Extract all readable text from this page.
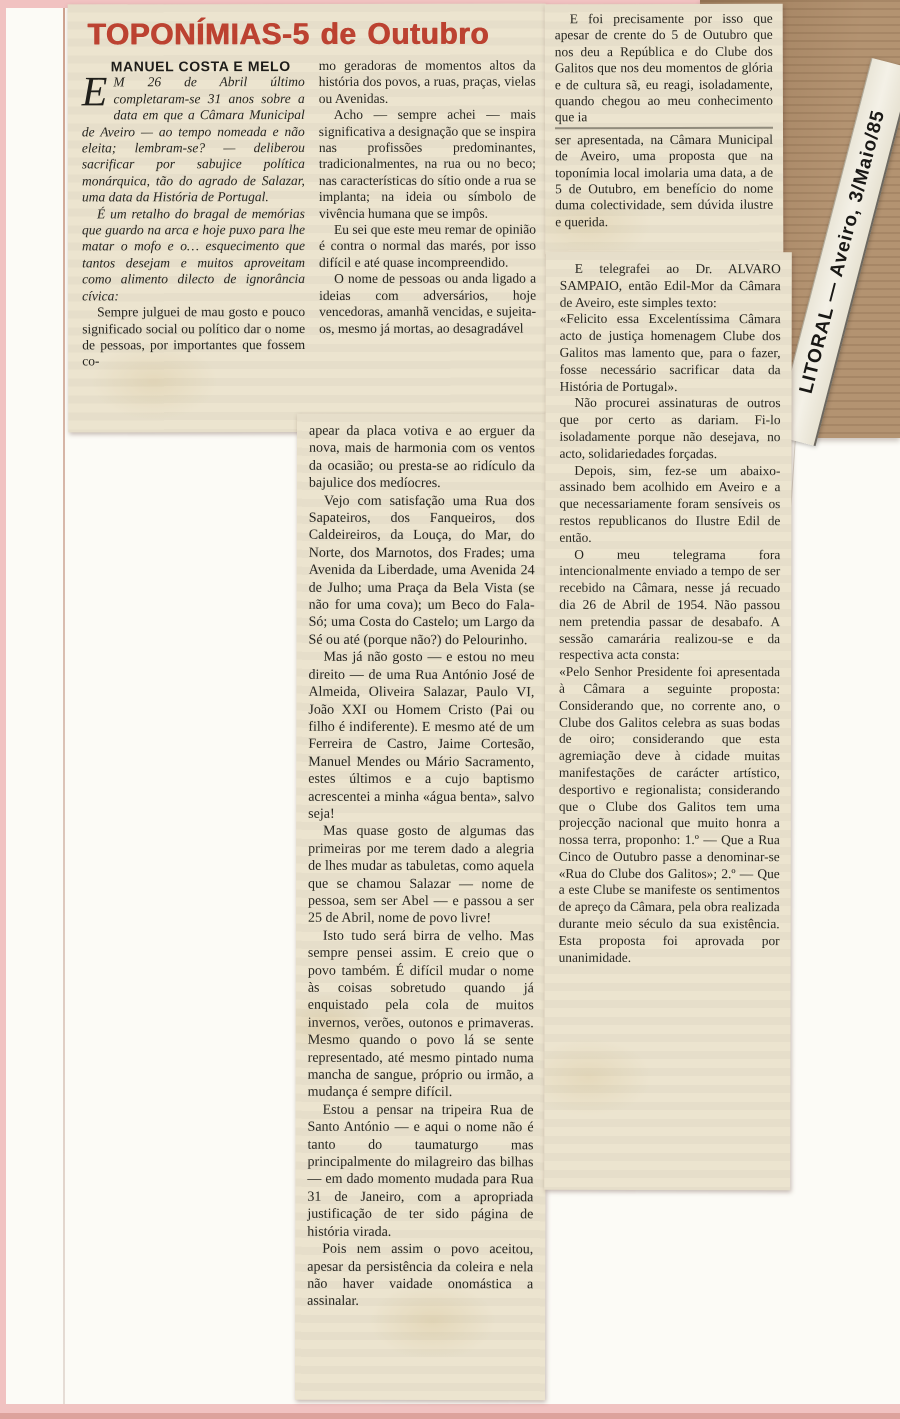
LITORAL — Aveiro, 3/Maio/85
TOPONÍMIAS-5 de Outubro

MANUEL COSTA E MELO

E M 26 de Abril último completaram-se 31 anos sobre a data em que a Câmara Municipal de Aveiro — ao tempo nomeada e não eleita; lembram-se? — deliberou sacrificar por sabujice política monárquica, tão do agrado de Salazar, uma data da História de Portugal.

É um retalho do bragal de memórias que guardo na arca e hoje puxo para lhe matar o mofo e o… esquecimento que tantos desejam e muitos aproveitam como alimento dilecto de ignorância cívica:

Sempre julguei de mau gosto e pouco significado social ou político dar o nome de pessoas, por importantes que fossem co-

mo geradoras de momentos altos da história dos povos, a ruas, praças, vielas ou Avenidas.

Acho — sempre achei — mais significativa a designação que se inspira nas profissões predominantes, tradicionalmentes, na rua ou no beco; nas características do sítio onde a rua se implanta; na ideia ou símbolo de vivência humana que se impôs.

Eu sei que este meu remar de opinião é contra o normal das marés, por isso difícil e até quase incompreendido.

O nome de pessoas ou anda ligado a ideias com adversários, hoje vencedoras, amanhã vencidas, e sujeita-os, mesmo já mortas, ao desagradável

apear da placa votiva e ao erguer da nova, mais de harmonia com os ventos da ocasião; ou presta-se ao ridículo da bajulice dos medíocres.

Vejo com satisfação uma Rua dos Sapateiros, dos Fanqueiros, dos Caldeireiros, da Louça, do Mar, do Norte, dos Marnotos, dos Frades; uma Avenida da Liberdade, uma Avenida 24 de Julho; uma Praça da Bela Vista (se não for uma cova); um Beco do Fala-Só; uma Costa do Castelo; um Largo da Sé ou até (porque não?) do Pelourinho.

Mas já não gosto — e estou no meu direito — de uma Rua António José de Almeida, Oliveira Salazar, Paulo VI, João XXI ou Homem Cristo (Pai ou filho é indiferente). E mesmo até de um Ferreira de Castro, Jaime Cortesão, Manuel Mendes ou Mário Sacramento, estes últimos e a cujo baptismo acrescentei a minha «água benta», salvo seja!

Mas quase gosto de algumas das primeiras por me terem dado a alegria de lhes mudar as tabuletas, como aquela que se chamou Salazar — nome de pessoa, sem ser Abel — e passou a ser 25 de Abril, nome de povo livre!

Isto tudo será birra de velho. Mas sempre pensei assim. E creio que o povo também. É difícil mudar o nome às coisas sobretudo quando já enquistado pela cola de muitos invernos, verões, outonos e primaveras. Mesmo quando o povo lá se sente representado, até mesmo pintado numa mancha de sangue, próprio ou irmão, a mudança é sempre difícil.

Estou a pensar na tripeira Rua de Santo António — e aqui o nome não é tanto do taumaturgo mas principalmente do milagreiro das bilhas — em dado momento mudada para Rua 31 de Janeiro, com a apropriada justificação de ter sido página de história virada.

Pois nem assim o povo aceitou, apesar da persistência da coleira e nela não haver vaidade onomástica a assinalar.

E foi precisamente por isso que apesar de crente do 5 de Outubro que nos deu a República e do Clube dos Galitos que nos deu momentos de glória e de cultura sã, eu reagi, isoladamente, quando chegou ao meu conhecimento que ia

ser apresentada, na Câmara Municipal de Aveiro, uma proposta que na toponímia local imolaria uma data, a de 5 de Outubro, em benefício do nome duma colectividade, sem dúvida ilustre e querida.

E telegrafei ao Dr. ALVARO SAMPAIO, então Edil-Mor da Câmara de Aveiro, este simples texto:

«Felicito essa Excelentíssima Câmara acto de justiça homenagem Clube dos Galitos mas lamento que, para o fazer, fosse necessário sacrificar data da História de Portugal».

Não procurei assinaturas de outros que por certo as dariam. Fi-lo isoladamente porque não desejava, no acto, solidariedades forçadas.

Depois, sim, fez-se um abaixo-assinado bem acolhido em Aveiro e a que necessariamente foram sensíveis os restos republicanos do Ilustre Edil de então.

O meu telegrama fora intencionalmente enviado a tempo de ser recebido na Câmara, nesse já recuado dia 26 de Abril de 1954. Não passou nem pretendia passar de desabafo. A sessão camarária realizou-se e da respectiva acta consta:

«Pelo Senhor Presidente foi apresentada à Câmara a seguinte proposta: Considerando que, no corrente ano, o Clube dos Galitos celebra as suas bodas de oiro; considerando que esta agremiação deve à cidade muitas manifestações de carácter artístico, desportivo e regionalista; considerando que o Clube dos Galitos tem uma projecção nacional que muito honra a nossa terra, proponho: 1.º — Que a Rua Cinco de Outubro passe a denominar-se «Rua do Clube dos Galitos»; 2.º — Que a este Clube se manifeste os sentimentos de apreço da Câmara, pela obra realizada durante meio século da sua existência. Esta proposta foi aprovada por unanimidade.
